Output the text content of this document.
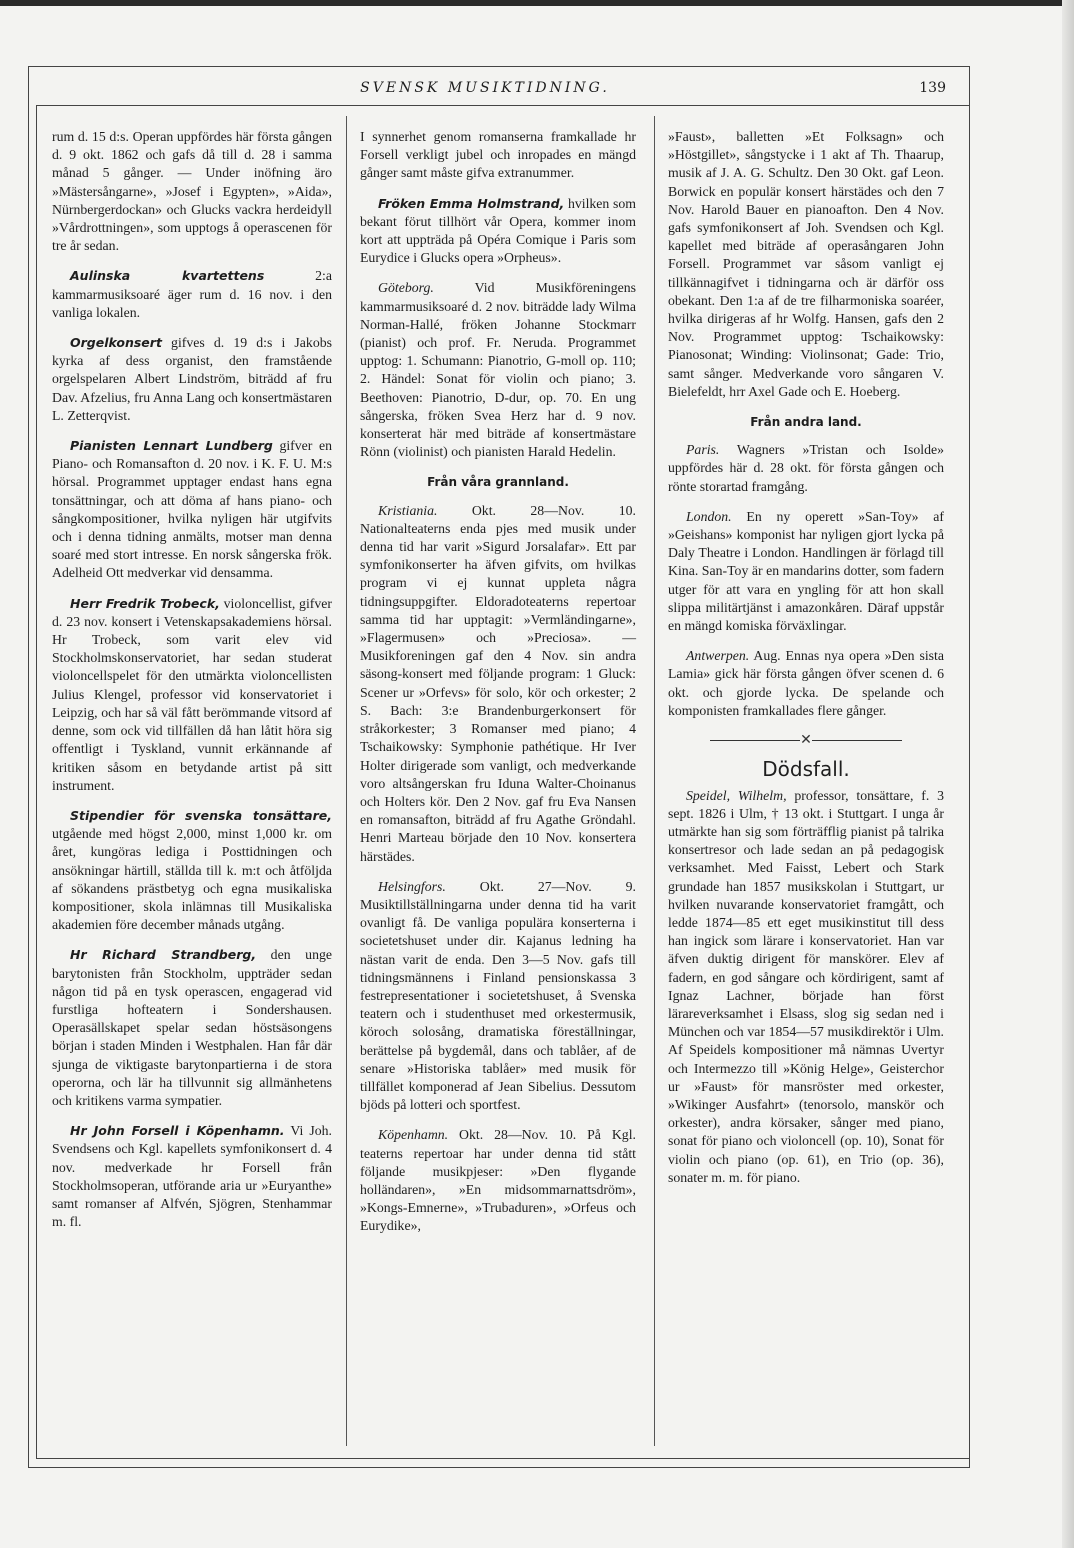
SVENSK MUSIKTIDNING.	139

rum d. 15 d:s. Operan uppfördes här första gången d. 9 okt. 1862 och gafs då till d. 28 i samma månad 5 gånger. — Under inöfning äro »Mästersångarne», »Josef i Egypten», »Aida», Nürnbergerdockan» och Glucks vackra herdeidyll »Vårdrottningen», som upptogs å operascenen för tre år sedan.

Aulinska kvartettens 2:a kammarmusiksoaré äger rum d. 16 nov. i den vanliga lokalen.

Orgelkonsert gifves d. 19 d:s i Jakobs kyrka af dess organist, den framstående orgelspelaren Albert Lindström, biträdd af fru Dav. Afzelius, fru Anna Lang och konsertmästaren L. Zetterqvist.

Pianisten Lennart Lundberg gifver en Piano- och Romansafton d. 20 nov. i K. F. U. M:s hörsal. Programmet upptager endast hans egna tonsättningar, och att döma af hans piano- och sångkompositioner, hvilka nyligen här utgifvits och i denna tidning anmälts, motser man denna soaré med stort intresse. En norsk sångerska frök. Adelheid Ott medverkar vid densamma.

Herr Fredrik Trobeck, violoncellist, gifver d. 23 nov. konsert i Vetenskapsakademiens hörsal. Hr Trobeck, som varit elev vid Stockholmskonservatoriet, har sedan studerat violoncellspelet för den utmärkta violoncellisten Julius Klengel, professor vid konservatoriet i Leipzig, och har så väl fått berömmande vitsord af denne, som ock vid tillfällen då han låtit höra sig offentligt i Tyskland, vunnit erkännande af kritiken såsom en betydande artist på sitt instrument.

Stipendier för svenska tonsättare, utgående med högst 2,000, minst 1,000 kr. om året, kungöras lediga i Posttidningen och ansökningar härtill, ställda till k. m:t och åtföljda af sökandens prästbetyg och egna musikaliska kompositioner, skola inlämnas till Musikaliska akademien före december månads utgång.

Hr Richard Strandberg, den unge barytonisten från Stockholm, uppträder sedan någon tid på en tysk operascen, engagerad vid furstliga hofteatern i Sondershausen. Operasällskapet spelar sedan höstsäsongens början i staden Minden i Westphalen. Han får där sjunga de viktigaste barytonpartierna i de stora operorna, och lär ha tillvunnit sig allmänhetens och kritikens varma sympatier.

Hr John Forsell i Köpenhamn. Vi Joh. Svendsens och Kgl. kapellets symfonikonsert d. 4 nov. medverkade hr Forsell från Stockholmsoperan, utförande aria ur »Euryanthe» samt romanser af Alfvén, Sjögren, Stenhammar m. fl.

I synnerhet genom romanserna framkallade hr Forsell verkligt jubel och inropades en mängd gånger samt måste gifva extranummer.

Fröken Emma Holmstrand, hvilken som bekant förut tillhört vår Opera, kommer inom kort att uppträda på Opéra Comique i Paris som Eurydice i Glucks opera »Orpheus».

Göteborg. Vid Musikföreningens kammarmusiksoaré d. 2 nov. biträdde lady Wilma Norman-Hallé, fröken Johanne Stockmarr (pianist) och prof. Fr. Neruda. Programmet upptog: 1. Schumann: Pianotrio, G-moll op. 110; 2. Händel: Sonat för violin och piano; 3. Beethoven: Pianotrio, D-dur, op. 70. En ung sångerska, fröken Svea Herz har d. 9 nov. konserterat här med biträde af konsertmästare Rönn (violinist) och pianisten Harald Hedelin.

Från våra grannland.

Kristiania. Okt. 28—Nov. 10. Nationalteaterns enda pjes med musik under denna tid har varit »Sigurd Jorsalafar». Ett par symfonikonserter ha äfven gifvits, om hvilkas program vi ej kunnat uppleta några tidningsuppgifter. Eldoradoteaterns repertoar samma tid har upptagit: »Vermländingarne», »Flagermusen» och »Preciosa». — Musikforeningen gaf den 4 Nov. sin andra säsong-konsert med följande program: 1 Gluck: Scener ur »Orfevs» för solo, kör och orkester; 2 S. Bach: 3:e Brandenburgerkonsert för stråkorkester; 3 Romanser med piano; 4 Tschaikowsky: Symphonie pathétique. Hr Iver Holter dirigerade som vanligt, och medverkande voro altsångerskan fru Iduna Walter-Choinanus och Holters kör. Den 2 Nov. gaf fru Eva Nansen en romansafton, biträdd af fru Agathe Gröndahl. Henri Marteau började den 10 Nov. konsertera härstädes.

Helsingfors. Okt. 27—Nov. 9. Musiktillställningarna under denna tid ha varit ovanligt få. De vanliga populära konserterna i societetshuset under dir. Kajanus ledning ha nästan varit de enda. Den 3—5 Nov. gafs till tidningsmännens i Finland pensionskassa 3 festrepresentationer i societetshuset, å Svenska teatern och i studenthuset med orkestermusik, köroch solosång, dramatiska föreställningar, berättelse på bygdemål, dans och tablåer, af de senare »Historiska tablåer» med musik för tillfället komponerad af Jean Sibelius. Dessutom bjöds på lotteri och sportfest.

Köpenhamn. Okt. 28—Nov. 10. På Kgl. teaterns repertoar har under denna tid stått följande musikpjeser: »Den flygande holländaren», »En midsommarnattsdröm», »Kongs-Emnerne», »Trubaduren», »Orfeus och Eurydike»,

»Faust», balletten »Et Folksagn» och »Höstgillet», sångstycke i 1 akt af Th. Thaarup, musik af J. A. G. Schultz. Den 30 Okt. gaf Leon. Borwick en populär konsert härstädes och den 7 Nov. Harold Bauer en pianoafton. Den 4 Nov. gafs symfonikonsert af Joh. Svendsen och Kgl. kapellet med biträde af operasångaren John Forsell. Programmet var såsom vanligt ej tillkännagifvet i tidningarna och är därför oss obekant. Den 1:a af de tre filharmoniska soaréer, hvilka dirigeras af hr Wolfg. Hansen, gafs den 2 Nov. Programmet upptog: Tschaikowsky: Pianosonat; Winding: Violinsonat; Gade: Trio, samt sånger. Medverkande voro sångaren V. Bielefeldt, hrr Axel Gade och E. Hoeberg.

Från andra land.

Paris. Wagners »Tristan och Isolde» uppfördes här d. 28 okt. för första gången och rönte storartad framgång.

London. En ny operett »San-Toy» af »Geishans» komponist har nyligen gjort lycka på Daly Theatre i London. Handlingen är förlagd till Kina. San-Toy är en mandarins dotter, som fadern utger för att vara en yngling för att hon skall slippa militärtjänst i amazonkåren. Däraf uppstår en mängd komiska förväxlingar.

Antwerpen. Aug. Ennas nya opera »Den sista Lamia» gick här första gången öfver scenen d. 6 okt. och gjorde lycka. De spelande och komponisten framkallades flere gånger.

✕
Dödsfall.

Speidel, Wilhelm, professor, tonsättare, f. 3 sept. 1826 i Ulm, † 13 okt. i Stuttgart. I unga år utmärkte han sig som förträfflig pianist på talrika konsertresor och lade sedan an på pedagogisk verksamhet. Med Faisst, Lebert och Stark grundade han 1857 musikskolan i Stuttgart, ur hvilken nuvarande konservatoriet framgått, och ledde 1874—85 ett eget musikinstitut till dess han ingick som lärare i konservatoriet. Han var äfven duktig dirigent för manskörer. Elev af fadern, en god sångare och kördirigent, samt af Ignaz Lachner, började han först lärareverksamhet i Elsass, slog sig sedan ned i München och var 1854—57 musikdirektör i Ulm. Af Speidels kompositioner må nämnas Uvertyr och Intermezzo till »König Helge», Geisterchor ur »Faust» för mansröster med orkester, »Wikinger Ausfahrt» (tenorsolo, manskör och orkester), andra körsaker, sånger med piano, sonat för piano och violoncell (op. 10), Sonat för violin och piano (op. 61), en Trio (op. 36), sonater m. m. för piano.
